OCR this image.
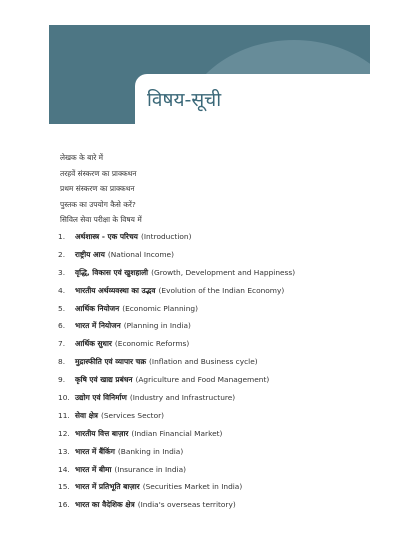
विषय-सूची
लेखक के बारे में
तरहवें संस्करण का प्राक्कथन
प्रथम संस्करण का प्राक्कथन
पुस्तक का उपयोग कैसे करें?
सिविल सेवा परीक्षा के विषय में
1. अर्थशास्त्र - एक परिचय (Introduction)
2. राष्ट्रीय आय (National Income)
3. वृद्धि, विकास एवं खुशहाली (Growth, Development and Happiness)
4. भारतीय अर्थव्यवस्था का उद्भव (Evolution of the Indian Economy)
5. आर्थिक नियोजन (Economic Planning)
6. भारत में नियोजन (Planning in India)
7. आर्थिक सुधार (Economic Reforms)
8. मुद्रास्फीति एवं व्यापार चक्र (Inflation and Business cycle)
9. कृषि एवं खाद्य प्रबंधन (Agriculture and Food Management)
10. उद्योग एवं विनिर्माण (Industry and Infrastructure)
11. सेवा क्षेत्र (Services Sector)
12. भारतीय वित्त बाज़ार (Indian Financial Market)
13. भारत में बैंकिंग (Banking in India)
14. भारत में बीमा (Insurance in India)
15. भारत में प्रतिभूति बाज़ार (Securities Market in India)
16. भारत का वैदेशिक क्षेत्र (India's overseas territory)
